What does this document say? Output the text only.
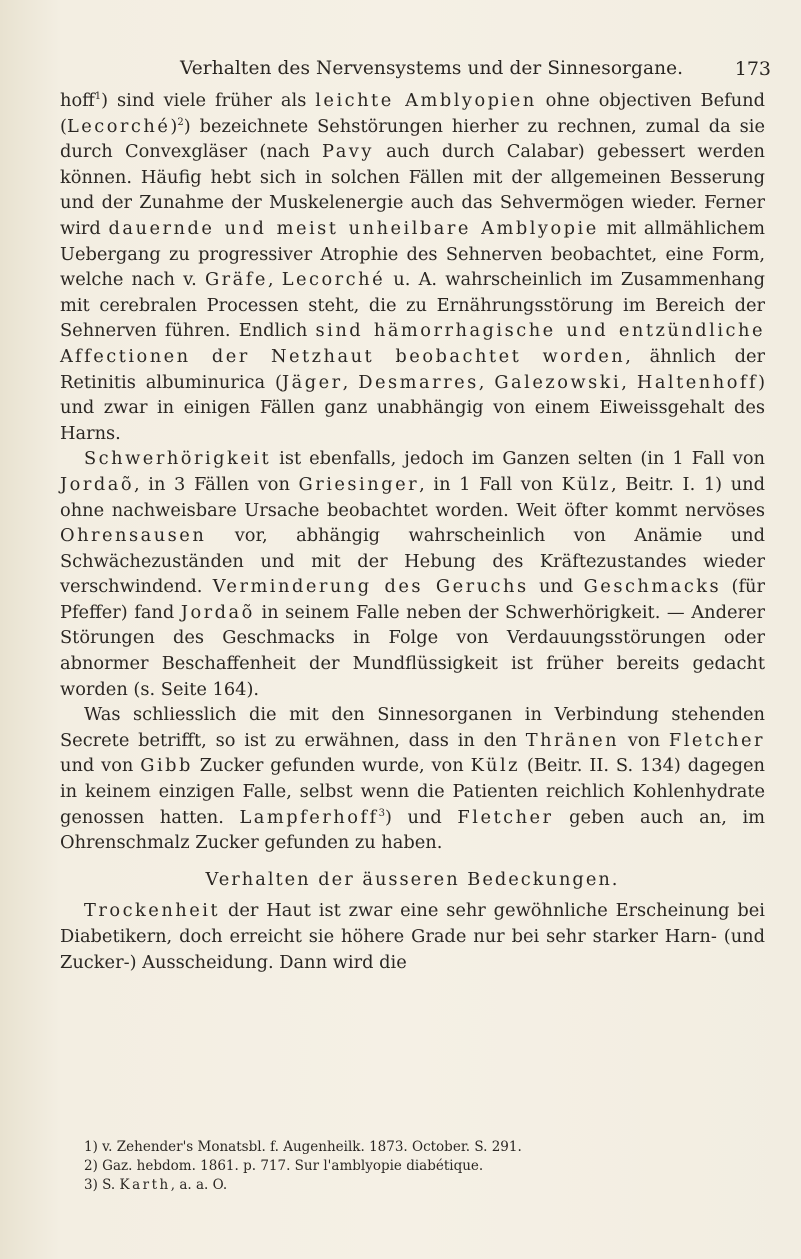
Verhalten des Nervensystems und der Sinnesorgane.	173

hoff$^1$) sind viele früher als leichte Amblyopien ohne objectiven Befund (Lecorché)$^2$) bezeichnete Sehstörungen hierher zu rechnen, zumal da sie durch Convexgläser (nach Pavy auch durch Calabar) gebessert werden können. Häufig hebt sich in solchen Fällen mit der allgemeinen Besserung und der Zunahme der Muskelenergie auch das Sehvermögen wieder. Ferner wird dauernde und meist unheilbare Amblyopie mit allmählichem Uebergang zu progressiver Atrophie des Sehnerven beobachtet, eine Form, welche nach v. Gräfe, Lecorché u. A. wahrscheinlich im Zusammenhang mit cerebralen Processen steht, die zu Ernährungsstörung im Bereich der Sehnerven führen. Endlich sind hämorrhagische und entzündliche Affectionen der Netzhaut beobachtet worden, ähnlich der Retinitis albuminurica (Jäger, Desmarres, Galezowski, Haltenhoff) und zwar in einigen Fällen ganz unabhängig von einem Eiweissgehalt des Harns.

Schwerhörigkeit ist ebenfalls, jedoch im Ganzen selten (in 1 Fall von Jordaõ, in 3 Fällen von Griesinger, in 1 Fall von Külz, Beitr. I. 1) und ohne nachweisbare Ursache beobachtet worden. Weit öfter kommt nervöses Ohrensausen vor, abhängig wahrscheinlich von Anämie und Schwächezuständen und mit der Hebung des Kräftezustandes wieder verschwindend. Verminderung des Geruchs und Geschmacks (für Pfeffer) fand Jordaõ in seinem Falle neben der Schwerhörigkeit. — Anderer Störungen des Geschmacks in Folge von Verdauungsstörungen oder abnormer Beschaffenheit der Mundflüssigkeit ist früher bereits gedacht worden (s. Seite 164).

Was schliesslich die mit den Sinnesorganen in Verbindung stehenden Secrete betrifft, so ist zu erwähnen, dass in den Thränen von Fletcher und von Gibb Zucker gefunden wurde, von Külz (Beitr. II. S. 134) dagegen in keinem einzigen Falle, selbst wenn die Patienten reichlich Kohlenhydrate genossen hatten. Lampferhoff$^3$) und Fletcher geben auch an, im Ohrenschmalz Zucker gefunden zu haben.

Verhalten der äusseren Bedeckungen.

Trockenheit der Haut ist zwar eine sehr gewöhnliche Erscheinung bei Diabetikern, doch erreicht sie höhere Grade nur bei sehr starker Harn- (und Zucker-) Ausscheidung. Dann wird die

1) v. Zehender's Monatsbl. f. Augenheilk. 1873. October. S. 291.

2) Gaz. hebdom. 1861. p. 717. Sur l'amblyopie diabétique.

3) S. Karth, a. a. O.
